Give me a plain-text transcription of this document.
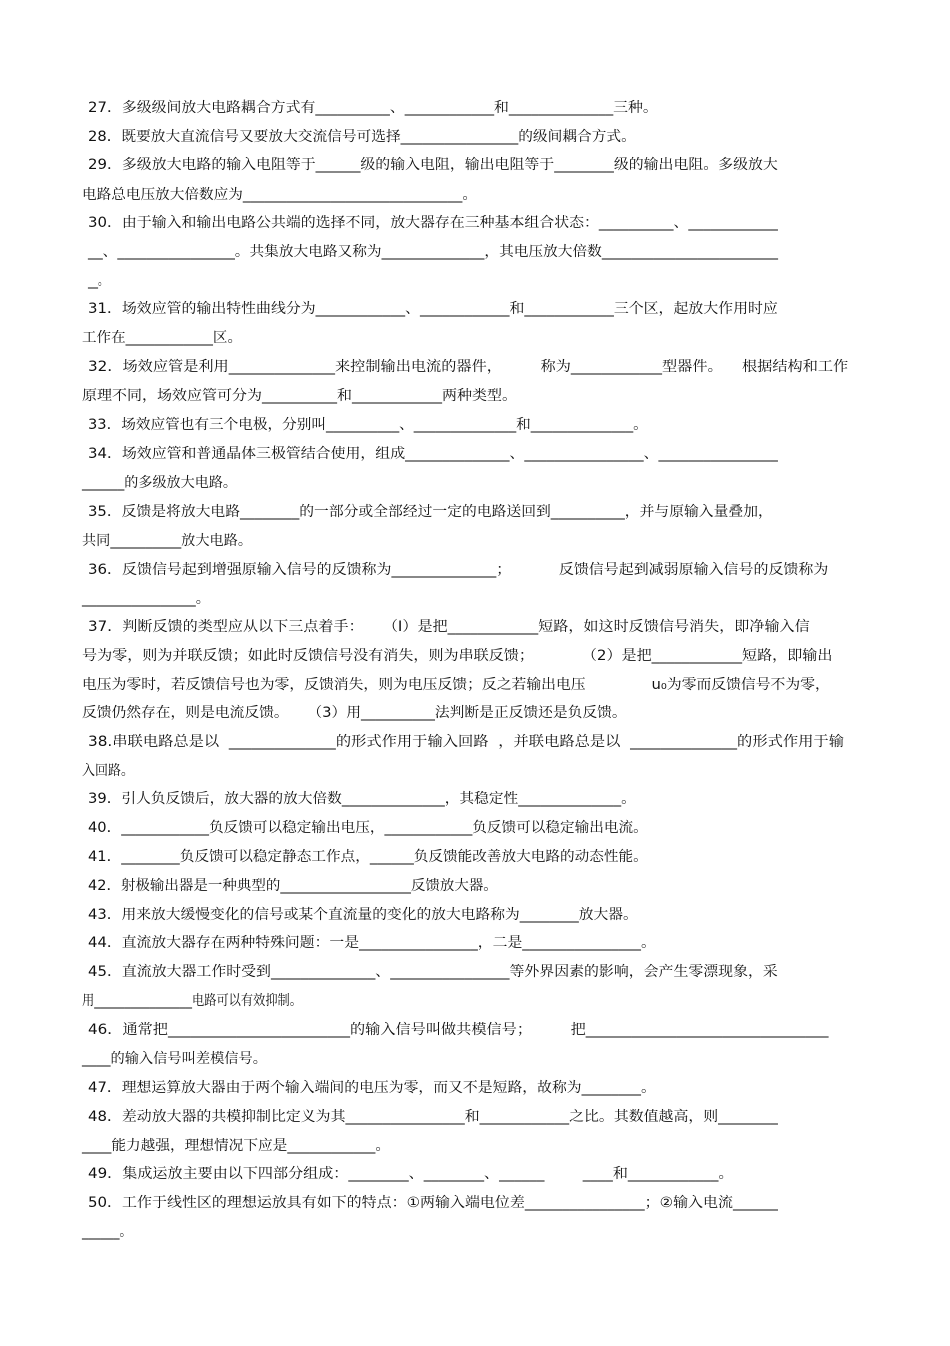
27．多级级间放大电路耦合方式有__________、____________和______________三种。
28．既要放大直流信号又要放大交流信号可选择________________的级间耦合方式。
29．多级放大电路的输入电阻等于______级的输入电阻，输出电阻等于________级的输出电阻。多级放大
电路总电压放大倍数应为______________________________。
30．由于输入和输出电路公共端的选择不同，放大器存在三种基本组合状态：__________、____________
__、________________。共集放大电路又称为______________，其电压放大倍数________________________
__。
31．场效应管的输出特性曲线分为____________、____________和____________三个区，起放大作用时应
工作在____________区。
32．场效应管是利用______________来控制输出电流的器件，        称为____________型器件。    根据结构和工作
原理不同，场效应管可分为__________和____________两种类型。
33．场效应管也有三个电极，分别叫__________、______________和______________。
34．场效应管和普通晶体三极管结合使用，组成______________、________________、________________
______的多级放大电路。
35．反馈是将放大电路________的一部分或全部经过一定的电路送回到__________，并与原输入量叠加，
共同__________放大电路。
36．反馈信号起到增强原输入信号的反馈称为______________；          反馈信号起到减弱原输入信号的反馈称为
________________。
37．判断反馈的类型应从以下三点着手：    （I）是把____________短路，如这时反馈信号消失，即净输入信
号为零，则为并联反馈；如此时反馈信号没有消失，则为串联反馈；          （2）是把____________短路，即输出
电压为零时，若反馈信号也为零，反馈消失，则为电压反馈；反之若输出电压              u₀为零而反馈信号不为零，
反馈仍然存在，则是电流反馈。    （3）用__________法判断是正反馈还是负反馈。
38.串联电路总是以  ______________的形式作用于输入回路  ，并联电路总是以  ______________的形式作用于输
入回路。
39．引人负反馈后，放大器的放大倍数______________，其稳定性______________。
40．____________负反馈可以稳定输出电压，____________负反馈可以稳定输出电流。
41．________负反馈可以稳定静态工作点，______负反馈能改善放大电路的动态性能。
42．射极输出器是一种典型的__________________反馈放大器。
43．用来放大缓慢变化的信号或某个直流量的变化的放大电路称为________放大器。
44．直流放大器存在两种特殊问题：一是________________，二是________________。
45．直流放大器工作时受到______________、________________等外界因素的影响，会产生零漂现象，采
用________________电路可以有效抑制。
46．通常把________________________的输入信号叫做共模信号；        把________________________________
____的输入信号叫差模信号。
47．理想运算放大器由于两个输入端间的电压为零，而又不是短路，故称为________。
48．差动放大器的共模抑制比定义为其________________和____________之比。其数值越高，则________
____能力越强，理想情况下应是____________。
49．集成运放主要由以下四部分组成：________、________、______        ____和____________。
50．工作于线性区的理想运放具有如下的特点：①两输入端电位差________________；②输入电流______
______。
